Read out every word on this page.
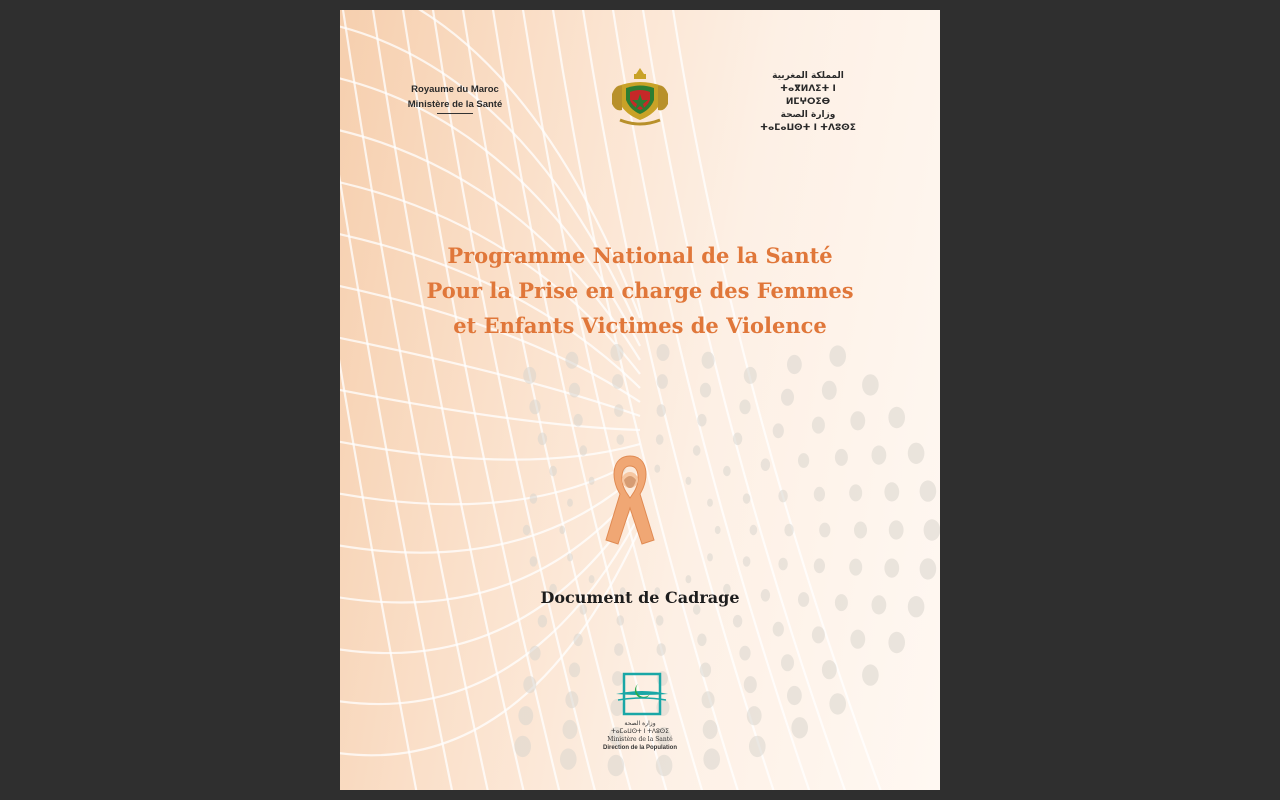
Royaume du Maroc
Ministère de la Santé
المملكة المغربية
ⵜⴰⴳⵍⴷⵉⵜ ⵏ ⵍⵎⵖⵔⵉⴱ
وزارة الصحة
ⵜⴰⵎⴰⵡⵙⵜ ⵏ ⵜⴷⵓⵙⵉ
Programme National de la Santé
Pour la Prise en charge des Femmes
et Enfants Victimes de Violence
Document de Cadrage
وزارة الصحة
ⵜⴰⵎⴰⵡⵙⵜ ⵏ ⵜⴷⵓⵙⵉ
Ministère de la Santé
Direction de la Population
